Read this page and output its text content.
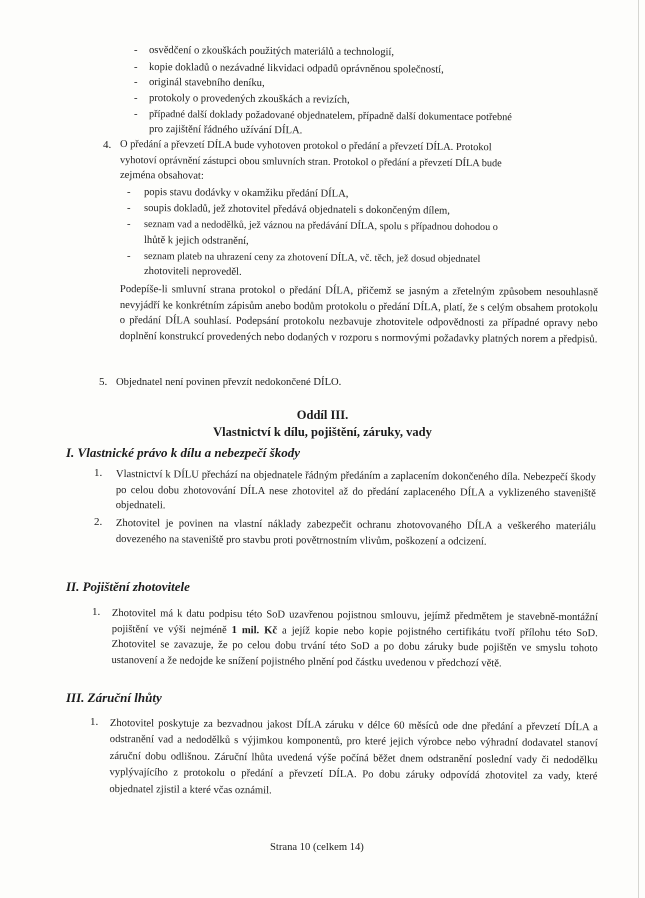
- osvědčení o zkouškách použitých materiálů a technologií,
- kopie dokladů o nezávadné likvidaci odpadů oprávněnou společností,
- originál stavebního deníku,
- protokoly o provedených zkouškách a revizích,
- případné další doklady požadované objednatelem, případně další dokumentace potřebné
pro zajištění řádného užívání DÍLA.
4. O předání a převzetí DÍLA bude vyhotoven protokol o předání a převzetí DÍLA. Protokol
vyhotoví oprávnění zástupci obou smluvních stran. Protokol o předání a převzetí DÍLA bude
zejména obsahovat:
- popis stavu dodávky v okamžiku předání DÍLA,
- soupis dokladů, jež zhotovitel předává objednateli s dokončeným dílem,
- seznam vad a nedodělků, jež váznou na předávání DÍLA, spolu s případnou dohodou o
lhůtě k jejich odstranění,
- seznam plateb na uhrazení ceny za zhotovení DÍLA, vč. těch, jež dosud objednatel
zhotoviteli neproveděl.
Podepíše-li smluvní strana protokol o předání DÍLA, přičemž se jasným a zřetelným způsobem nesouhlasně nevyjádří ke konkrétním zápisům anebo bodům protokolu o předání DÍLA, platí, že s celým obsahem protokolu o předání DÍLA souhlasí. Podepsání protokolu nezbavuje zhotovitele odpovědnosti za případné opravy nebo doplnění konstrukcí provedených nebo dodaných v rozporu s normovými požadavky platných norem a předpisů.
5. Objednatel není povinen převzít nedokončené DÍLO.
Oddíl III.
Vlastnictví k dílu, pojištění, záruky, vady
I. Vlastnické právo k dílu a nebezpečí škody
1. Vlastnictví k DÍLU přechází na objednatele řádným předáním a zaplacením dokončeného díla. Nebezpečí škody po celou dobu zhotovování DÍLA nese zhotovitel až do předání zaplaceného DÍLA a vyklizeného staveniště objednateli.
2. Zhotovitel je povinen na vlastní náklady zabezpečit ochranu zhotovovaného DÍLA a veškerého materiálu dovezeného na staveniště pro stavbu proti povětrnostním vlivům, poškození a odcizení.
II. Pojištění zhotovitele
1. Zhotovitel má k datu podpisu této SoD uzavřenou pojistnou smlouvu, jejímž předmětem je stavebně-montážní pojištění ve výši nejméně 1 mil. Kč a jejíž kopie nebo kopie pojistného certifikátu tvoří přílohu této SoD. Zhotovitel se zavazuje, že po celou dobu trvání této SoD a po dobu záruky bude pojištěn ve smyslu tohoto ustanovení a že nedojde ke snížení pojistného plnění pod částku uvedenou v předchozí větě.
III. Záruční lhůty
1. Zhotovitel poskytuje za bezvadnou jakost DÍLA záruku v délce 60 měsíců ode dne předání a převzetí DÍLA a odstranění vad a nedodělků s výjimkou komponentů, pro které jejich výrobce nebo výhradní dodavatel stanoví záruční dobu odlišnou. Záruční lhůta uvedená výše počíná běžet dnem odstranění poslední vady či nedodělku vyplývajícího z protokolu o předání a převzetí DÍLA. Po dobu záruky odpovídá zhotovitel za vady, které objednatel zjistil a které včas oznámil.
Strana 10 (celkem 14)
